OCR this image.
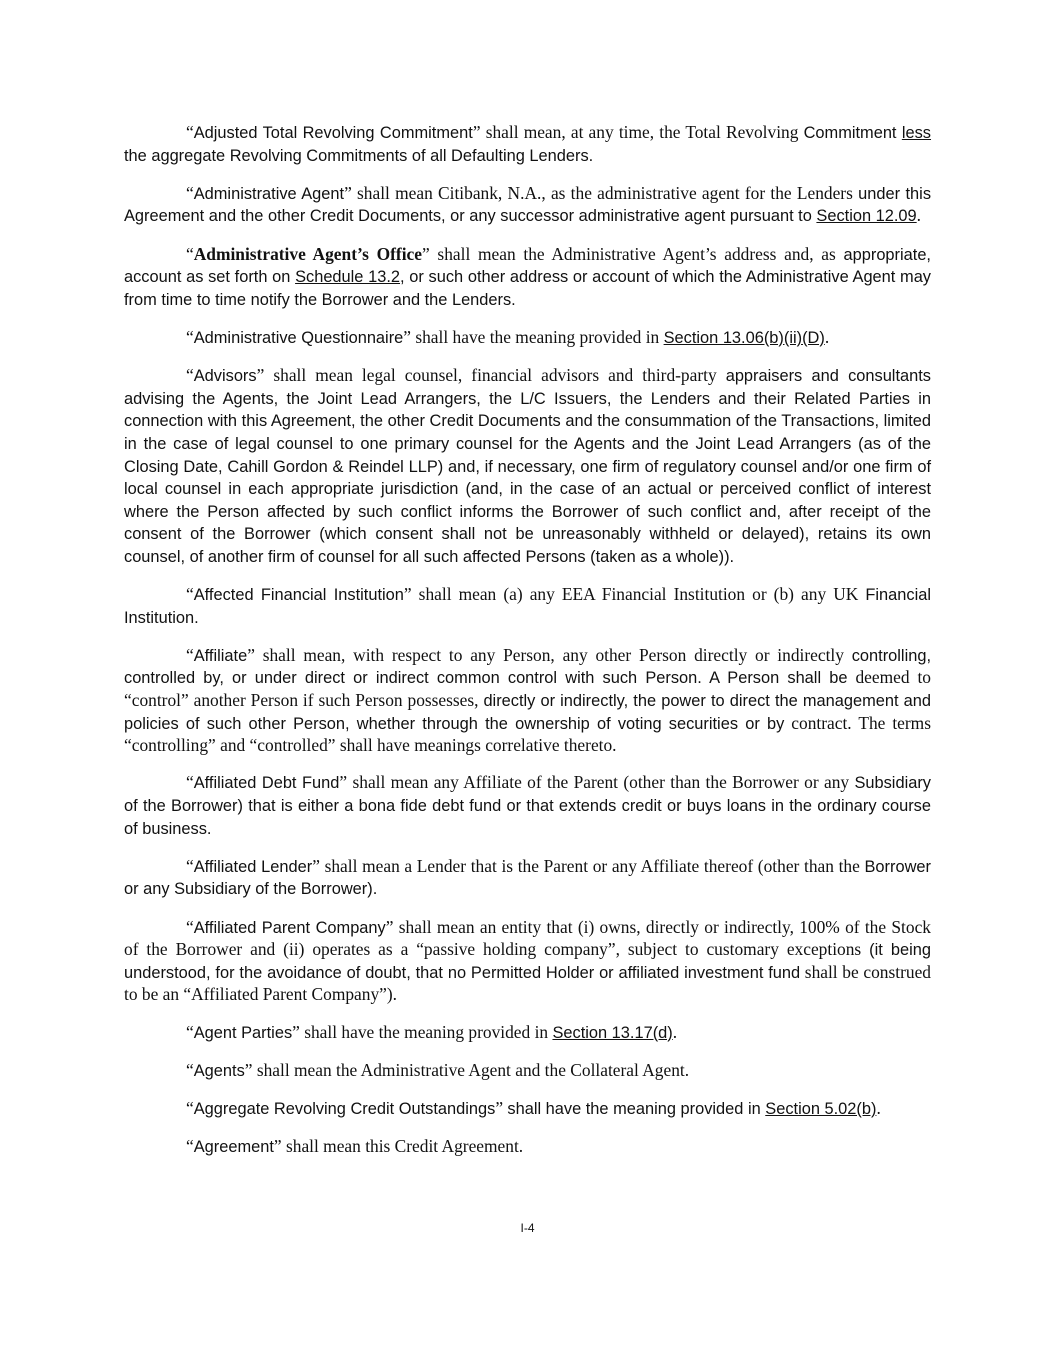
“Adjusted Total Revolving Commitment” shall mean, at any time, the Total Revolving Commitment less the aggregate Revolving Commitments of all Defaulting Lenders.

“Administrative Agent” shall mean Citibank, N.A., as the administrative agent for the Lenders under this Agreement and the other Credit Documents, or any successor administrative agent pursuant to Section 12.09.

“Administrative Agent’s Office” shall mean the Administrative Agent’s address and, as appropriate, account as set forth on Schedule 13.2, or such other address or account of which the Administrative Agent may from time to time notify the Borrower and the Lenders.

“Administrative Questionnaire” shall have the meaning provided in Section 13.06(b)(ii)(D).

“Advisors” shall mean legal counsel, financial advisors and third-party appraisers and consultants advising the Agents, the Joint Lead Arrangers, the L/C Issuers, the Lenders and their Related Parties in connection with this Agreement, the other Credit Documents and the consummation of the Transactions, limited in the case of legal counsel to one primary counsel for the Agents and the Joint Lead Arrangers (as of the Closing Date, Cahill Gordon & Reindel LLP) and, if necessary, one firm of regulatory counsel and/or one firm of local counsel in each appropriate jurisdiction (and, in the case of an actual or perceived conflict of interest where the Person affected by such conflict informs the Borrower of such conflict and, after receipt of the consent of the Borrower (which consent shall not be unreasonably withheld or delayed), retains its own counsel, of another firm of counsel for all such affected Persons (taken as a whole)).

“Affected Financial Institution” shall mean (a) any EEA Financial Institution or (b) any UK Financial Institution.

“Affiliate” shall mean, with respect to any Person, any other Person directly or indirectly controlling, controlled by, or under direct or indirect common control with such Person. A Person shall be deemed to “control” another Person if such Person possesses, directly or indirectly, the power to direct the management and policies of such other Person, whether through the ownership of voting securities or by contract. The terms “controlling” and “controlled” shall have meanings correlative thereto.

“Affiliated Debt Fund” shall mean any Affiliate of the Parent (other than the Borrower or any Subsidiary of the Borrower) that is either a bona fide debt fund or that extends credit or buys loans in the ordinary course of business.

“Affiliated Lender” shall mean a Lender that is the Parent or any Affiliate thereof (other than the Borrower or any Subsidiary of the Borrower).

“Affiliated Parent Company” shall mean an entity that (i) owns, directly or indirectly, 100% of the Stock of the Borrower and (ii) operates as a “passive holding company”, subject to customary exceptions (it being understood, for the avoidance of doubt, that no Permitted Holder or affiliated investment fund shall be construed to be an “Affiliated Parent Company”).

“Agent Parties” shall have the meaning provided in Section 13.17(d).

“Agents” shall mean the Administrative Agent and the Collateral Agent.

“Aggregate Revolving Credit Outstandings” shall have the meaning provided in Section 5.02(b).

“Agreement” shall mean this Credit Agreement.

I-4
